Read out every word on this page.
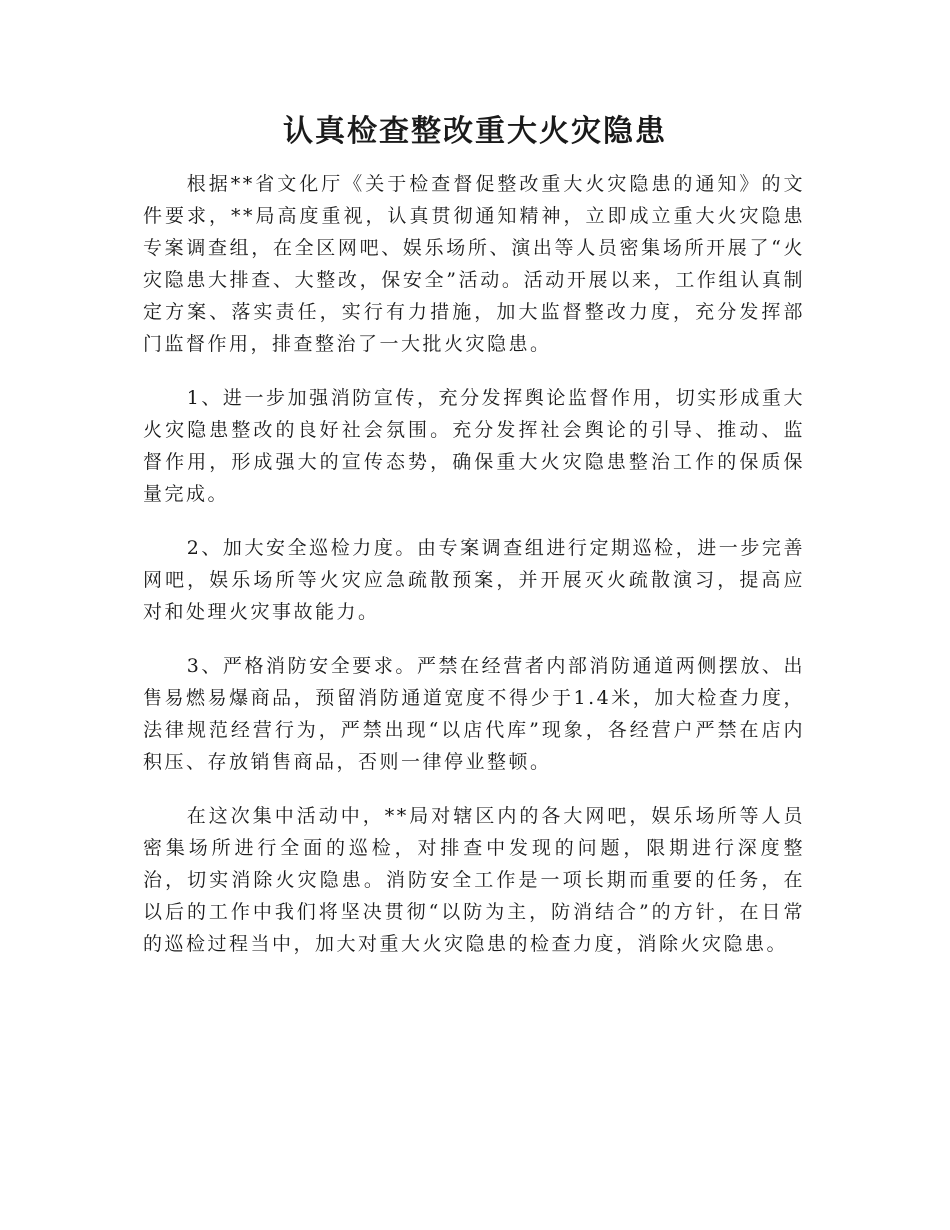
认真检查整改重大火灾隐患

根据**省文化厅《关于检查督促整改重大火灾隐患的通知》的文件要求，**局高度重视，认真贯彻通知精神，立即成立重大火灾隐患专案调查组，在全区网吧、娱乐场所、演出等人员密集场所开展了“火灾隐患大排查、大整改，保安全”活动。活动开展以来，工作组认真制定方案、落实责任，实行有力措施，加大监督整改力度，充分发挥部门监督作用，排查整治了一大批火灾隐患。

1、进一步加强消防宣传，充分发挥舆论监督作用，切实形成重大火灾隐患整改的良好社会氛围。充分发挥社会舆论的引导、推动、监督作用，形成强大的宣传态势，确保重大火灾隐患整治工作的保质保量完成。

2、加大安全巡检力度。由专案调查组进行定期巡检，进一步完善网吧，娱乐场所等火灾应急疏散预案，并开展灭火疏散演习，提高应对和处理火灾事故能力。

3、严格消防安全要求。严禁在经营者内部消防通道两侧摆放、出售易燃易爆商品，预留消防通道宽度不得少于1.4米，加大检查力度，法律规范经营行为，严禁出现“以店代库”现象，各经营户严禁在店内积压、存放销售商品，否则一律停业整顿。

在这次集中活动中，**局对辖区内的各大网吧，娱乐场所等人员密集场所进行全面的巡检，对排查中发现的问题，限期进行深度整治，切实消除火灾隐患。消防安全工作是一项长期而重要的任务，在以后的工作中我们将坚决贯彻“以防为主，防消结合”的方针，在日常的巡检过程当中，加大对重大火灾隐患的检查力度，消除火灾隐患。
